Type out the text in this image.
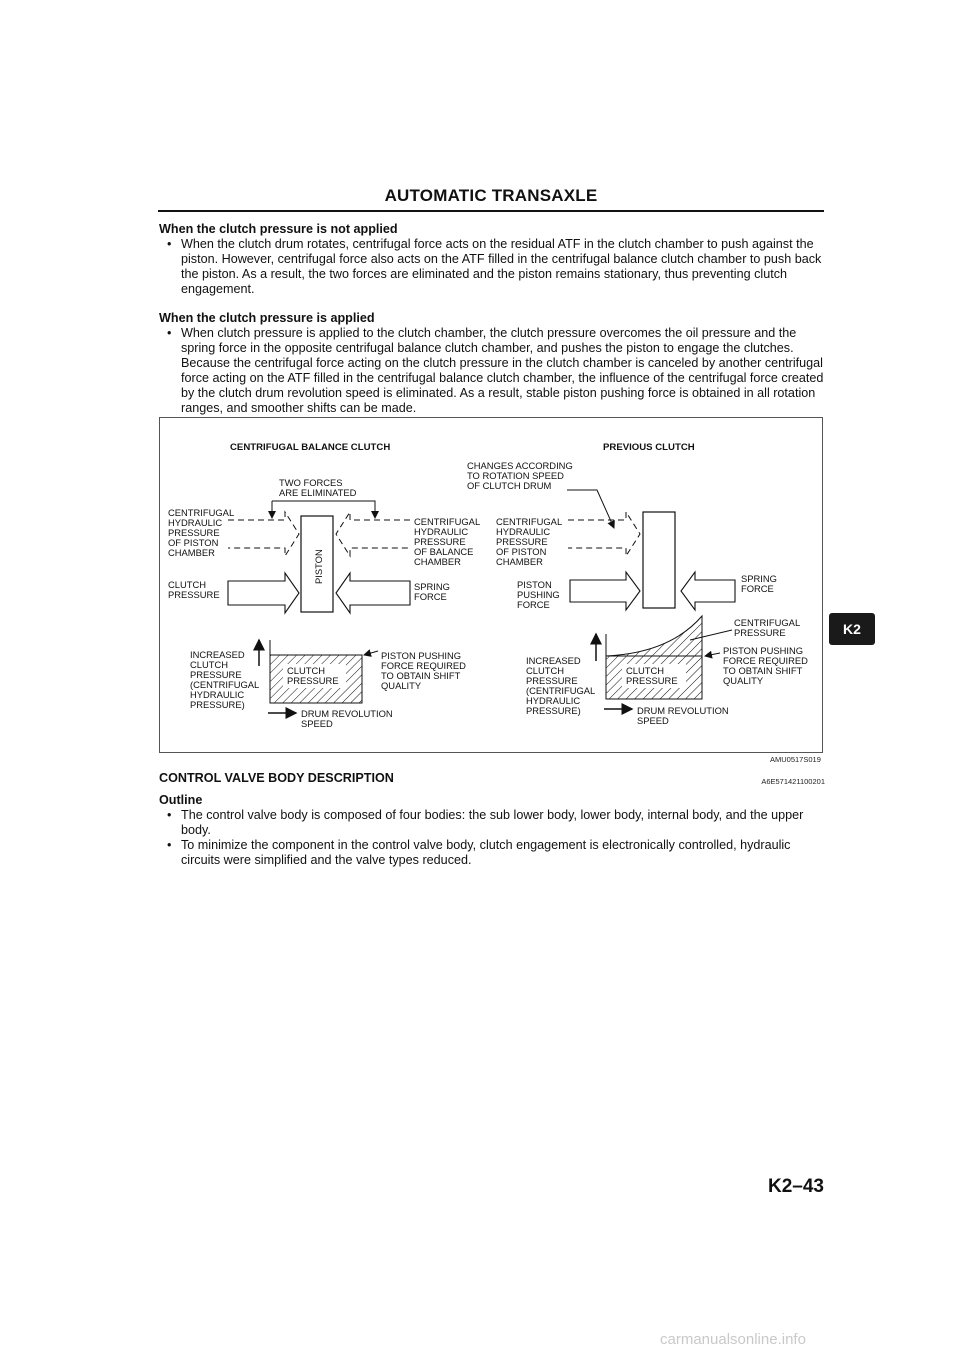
AUTOMATIC TRANSAXLE

When the clutch pressure is not applied

• When the clutch drum rotates, centrifugal force acts on the residual ATF in the clutch chamber to push against the piston. However, centrifugal force also acts on the ATF filled in the centrifugal balance clutch chamber to push back the piston. As a result, the two forces are eliminated and the piston remains stationary, thus preventing clutch engagement.

When the clutch pressure is applied

• When clutch pressure is applied to the clutch chamber, the clutch pressure overcomes the oil pressure and the spring force in the opposite centrifugal balance clutch chamber, and pushes the piston to engage the clutches. Because the centrifugal force acting on the clutch pressure in the clutch chamber is canceled by another centrifugal force acting on the ATF filled in the centrifugal balance clutch chamber, the influence of the centrifugal force created by the clutch drum revolution speed is eliminated. As a result, stable piston pushing force is obtained in all rotation ranges, and smoother shifts can be made.

CENTRIFUGAL BALANCE CLUTCH	PREVIOUS CLUTCH
TWO FORCES
ARE ELIMINATED
CENTRIFUGAL
HYDRAULIC
PRESSURE
OF PISTON
CHAMBER	PISTON
CENTRIFUGAL
HYDRAULIC
PRESSURE
OF BALANCE
CHAMBER
CLUTCH
PRESSURE
SPRING
FORCE
CHANGES ACCORDING
TO ROTATION SPEED
OF CLUTCH DRUM
CENTRIFUGAL
HYDRAULIC
PRESSURE
OF PISTON
CHAMBER
PISTON
PUSHING
FORCE
SPRING
FORCE
INCREASED
CLUTCH
PRESSURE
(CENTRIFUGAL
HYDRAULIC
PRESSURE)
CLUTCH
PRESSURE
PISTON PUSHING
FORCE REQUIRED
TO OBTAIN SHIFT
QUALITY
DRUM REVOLUTION
SPEED
INCREASED
CLUTCH
PRESSURE
(CENTRIFUGAL
HYDRAULIC
PRESSURE)
CLUTCH
PRESSURE
CENTRIFUGAL
PRESSURE
PISTON PUSHING
FORCE REQUIRED
TO OBTAIN SHIFT
QUALITY
DRUM REVOLUTION
SPEED
AMU0517S019
CONTROL VALVE BODY DESCRIPTION	A6E571421100201

Outline

• The control valve body is composed of four bodies: the sub lower body, lower body, internal body, and the upper body.

• To minimize the component in the control valve body, clutch engagement is electronically controlled, hydraulic circuits were simplified and the valve types reduced.

K2
K2–43
carmanualsonline.info
